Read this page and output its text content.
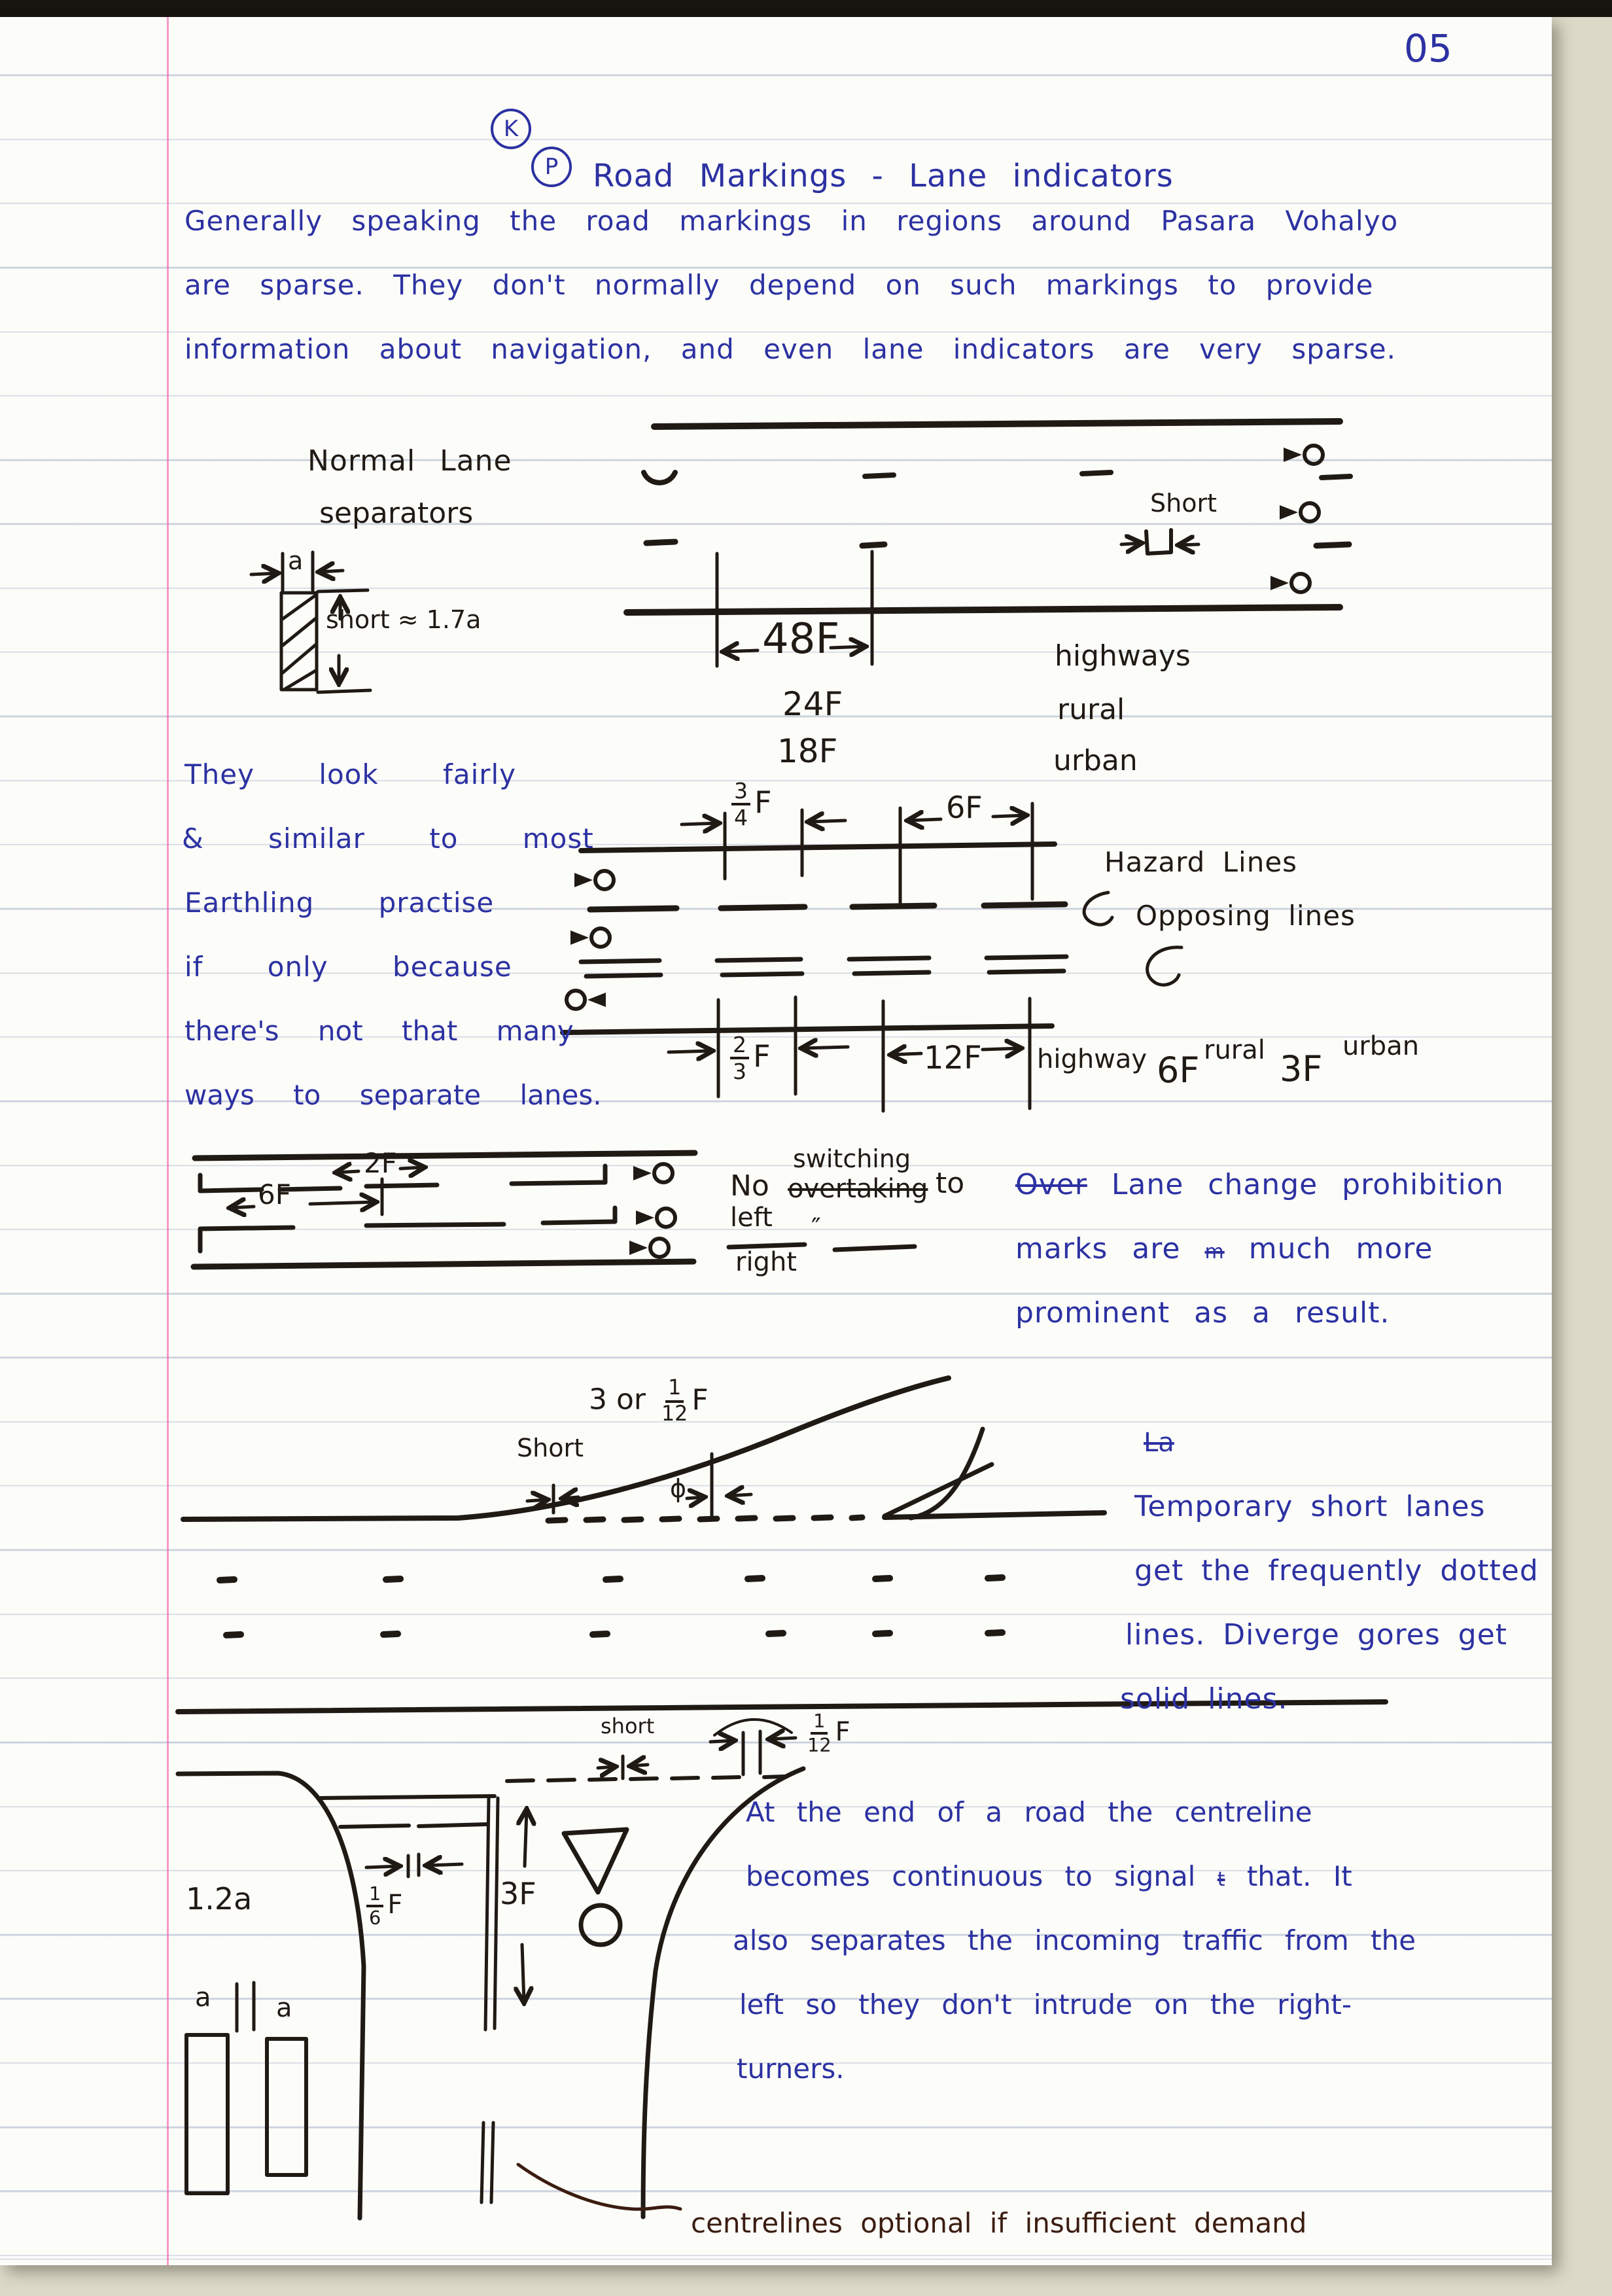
05
K
P Road Markings - Lane indicators
Generally speaking the road markings in regions around Pasara Vohalyo
are sparse. They don't normally depend on such markings to provide
information about navigation, and even lane indicators are very sparse.
Normal Lane
separators
a
short ≈ 1.7a	48F	highways
24F	rural
18F	urban
Short
They look fairly
& similar to most
Earthling practise
if only because
there's not that many
ways to separate lanes.
$\frac{3}{4}$ F	6F
Hazard Lines
Opposing lines
$\frac{2}{3}$ F	12F highway 6F rural 3F
urban
2F
6F
switching
No overtaking to
left ″
right
Over Lane change prohibition
marks are m much more
prominent as a result.
3 or $\frac{1}{12}$ F
Short
ϕ
La
Temporary short lanes
get the frequently dotted
lines. Diverge gores get
solid lines.
short	$\frac{1}{12}$ F
$\frac{1}{6}$ F	3F
1.2a
a a
At the end of a road the centreline
becomes continuous to signal t that. It
also separates the incoming traffic from the
left so they don't intrude on the right-
turners.
centrelines optional if insufficient demand
